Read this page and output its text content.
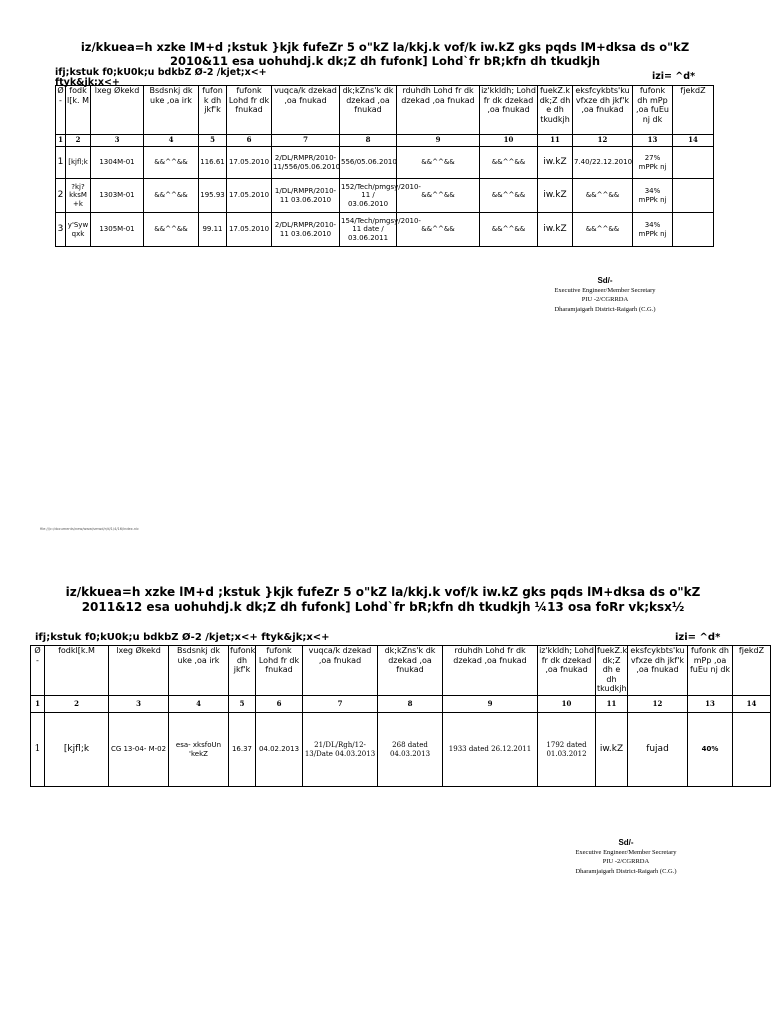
iz/kkuea=h xzke lM+d ;kstuk }kjk fufeZr 5 o"kZ la/kkj.k vof/k iw.kZ gks pqds lM+dksa ds o"kZ 2010&11 esa uohuhdj.k dk;Z dh fufonk] Lohd`fr bR;kfn dh tkudkjh
ifj;kstuk f0;kU0k;u bdkbZ Ø-2 /kjet;x<+ ftyk&jk;x<+
izi= ^d*
Ø -	fodk l[k. M	lxeg Økekd	Bsdsnkj dk uke ,oa irk	fufon k dh jkf'k	fufonk Lohd fr dk fnukad	vuqca/k dzekad ,oa fnukad	dk;kZns'k dk dzekad ,oa fnukad	rduhdh Lohd fr dk dzekad ,oa fnukad	iz'kkldh; Lohd fr dk dzekad ,oa fnukad	fuekZ.k dk;Z dh e dh tkudkjh	eksfcykbts'ku vfxze dh jkf'k ,oa fnukad	fufonk dh mPp ,oa fuEu nj dk	fjekdZ
1	2	3	4	5	6	7	8	9	10	11	12	13	14
1	[kjfl;k	1304M-01	&&^^&&	116.61	17.05.2010	2/DL/RMPR/2010-11/556/05.06.2010	556/05.06.2010	&&^^&&	&&^^&&	iw.kZ	7.40/22.12.2010	27% mPPk nj	
2	?kj?kksM +k	1303M-01	&&^^&&	195.93	17.05.2010	1/DL/RMPR/2010-11 03.06.2010	152/Tech/pmgsy/2010-11 / 03.06.2010	&&^^&&	&&^^&&	iw.kZ	&&^^&&	34% mPPk nj	
3	y'Syw qxk	1305M-01	&&^^&&	99.11	17.05.2010	2/DL/RMPR/2010-11 03.06.2010	154/Tech/pmgsy/2010-11 date / 03.06.2011	&&^^&&	&&^^&&	iw.kZ	&&^^&&	34% mPPk nj	
Sd/-
Executive Engineer/Member Secretary
PIU -2/CGRRDA
Dharamjaigarh District-Raigarh (C.G.)
file:///c:/documents/new/www/smwd/r/d/1/4/16/index.nic
iz/kkuea=h xzke lM+d ;kstuk }kjk fufeZr 5 o"kZ la/kkj.k vof/k iw.kZ gks pqds lM+dksa ds o"kZ 2011&12 esa uohuhdj.k dk;Z dh fufonk] Lohd`fr bR;kfn dh tkudkjh ¼13 osa foRr vk;ksx½
ifj;kstuk f0;kU0k;u bdkbZ Ø-2 /kjet;x<+ ftyk&jk;x<+	izi= ^d*
Ø -	fodkl[k.M	lxeg Økekd	Bsdsnkj dk uke ,oa irk	fufonk dh jkf'k	fufonk Lohd fr dk fnukad	vuqca/k dzekad ,oa fnukad	dk;kZns'k dk dzekad ,oa fnukad	rduhdh Lohd fr dk dzekad ,oa fnukad	iz'kkldh; Lohd fr dk dzekad ,oa fnukad	fuekZ.k dk;Z dh e dh tkudkjh	eksfcykbts'ku vfxze dh jkf'k ,oa fnukad	fufonk dh mPp ,oa fuEu nj dk	fjekdZ
1	2	3	4	5	6	7	8	9	10	11	12	13	14
1	[kjfl;k	CG 13-04- M-02	esa- xksfoUn 'kekZ	16.37	04.02.2013	21/DL/Rgh/12-13/Date 04.03.2013	268 dated 04.03.2013	1933 dated 26.12.2011	1792 dated 01.03.2012	iw.kZ	fujad	40%	
Sd/-
Executive Engineer/Member Secretary
PIU -2/CGRRDA
Dharamjaigarh District-Raigarh (C.G.)
